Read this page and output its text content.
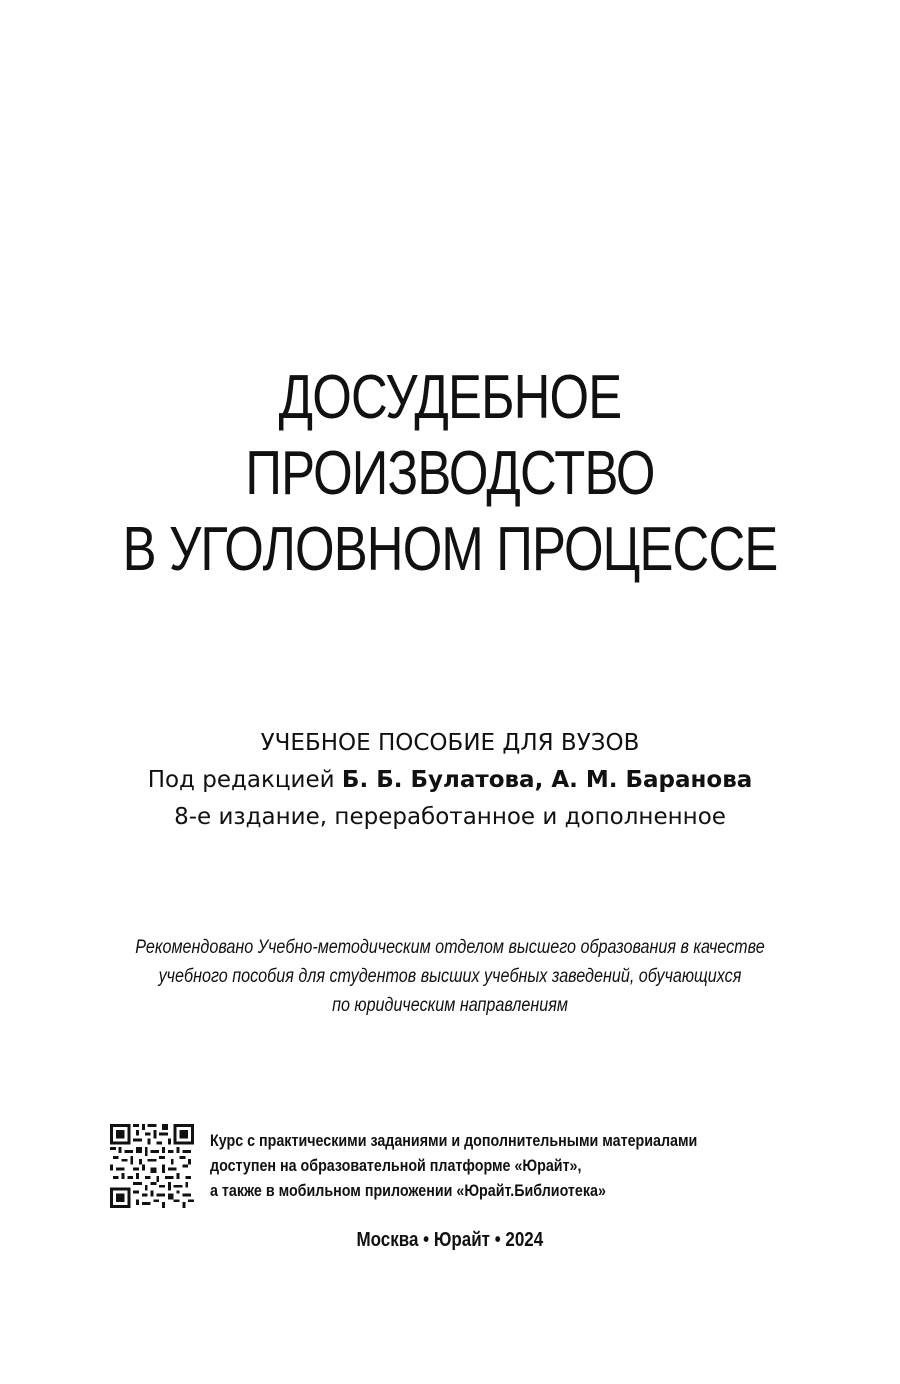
ДОСУДЕБНОЕ
ПРОИЗВОДСТВО
В УГОЛОВНОМ ПРОЦЕССЕ
УЧЕБНОЕ ПОСОБИЕ ДЛЯ ВУЗОВ
Под редакцией Б. Б. Булатова, А. М. Баранова
8-е издание, переработанное и дополненное
Рекомендовано Учебно-методическим отделом высшего образования в качестве
учебного пособия для студентов высших учебных заведений, обучающихся
по юридическим направлениям
Курс с практическими заданиями и дополнительными материалами
доступен на образовательной платформе «Юрайт»,
а также в мобильном приложении «Юрайт.Библиотека»
Москва • Юрайт • 2024
